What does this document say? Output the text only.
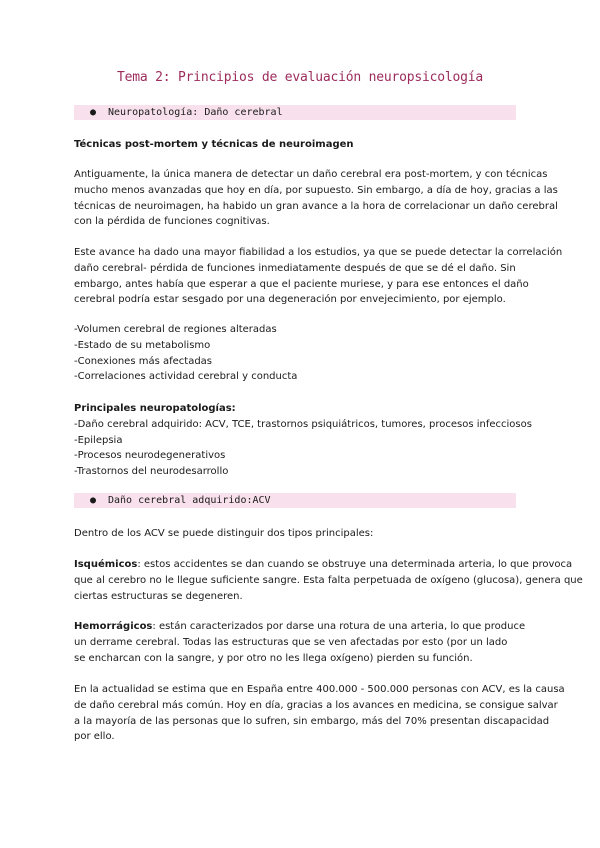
Tema 2: Principios de evaluación neuropsicología
● Neuropatología: Daño cerebral
Técnicas post-mortem y técnicas de neuroimagen
Antiguamente, la única manera de detectar un daño cerebral era post-mortem, y con técnicas
mucho menos avanzadas que hoy en día, por supuesto. Sin embargo, a día de hoy, gracias a las
técnicas de neuroimagen, ha habido un gran avance a la hora de correlacionar un daño cerebral
con la pérdida de funciones cognitivas.
Este avance ha dado una mayor fiabilidad a los estudios, ya que se puede detectar la correlación
daño cerebral- pérdida de funciones inmediatamente después de que se dé el daño. Sin
embargo, antes había que esperar a que el paciente muriese, y para ese entonces el daño
cerebral podría estar sesgado por una degeneración por envejecimiento, por ejemplo.
-Volumen cerebral de regiones alteradas
-Estado de su metabolismo
-Conexiones más afectadas
-Correlaciones actividad cerebral y conducta
Principales neuropatologías:
-Daño cerebral adquirido: ACV, TCE, trastornos psiquiátricos, tumores, procesos infecciosos
-Epilepsia
-Procesos neurodegenerativos
-Trastornos del neurodesarrollo
● Daño cerebral adquirido:ACV
Dentro de los ACV se puede distinguir dos tipos principales:
Isquémicos: estos accidentes se dan cuando se obstruye una determinada arteria, lo que provoca
que al cerebro no le llegue suficiente sangre. Esta falta perpetuada de oxígeno (glucosa), genera que
ciertas estructuras se degeneren.
Hemorrágicos: están caracterizados por darse una rotura de una arteria, lo que produce
un derrame cerebral. Todas las estructuras que se ven afectadas por esto (por un lado
se encharcan con la sangre, y por otro no les llega oxígeno) pierden su función.
En la actualidad se estima que en España entre 400.000 - 500.000 personas con ACV, es la causa
de daño cerebral más común. Hoy en día, gracias a los avances en medicina, se consigue salvar
a la mayoría de las personas que lo sufren, sin embargo, más del 70% presentan discapacidad
por ello.
